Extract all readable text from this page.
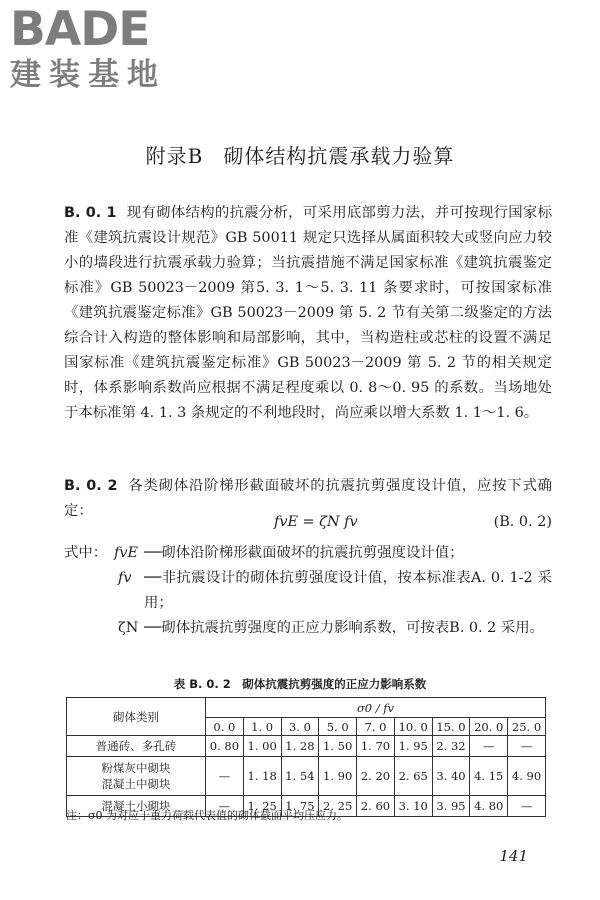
BADE
建装基地
附录B 砌体结构抗震承载力验算
B. 0. 1 现有砌体结构的抗震分析，可采用底部剪力法，并可按现行国家标准《建筑抗震设计规范》GB 50011 规定只选择从属面积较大或竖向应力较小的墙段进行抗震承载力验算；当抗震措施不满足国家标准《建筑抗震鉴定标准》GB 50023－2009 第5. 3. 1～5. 3. 11 条要求时，可按国家标准《建筑抗震鉴定标准》GB 50023－2009 第 5. 2 节有关第二级鉴定的方法综合计入构造的整体影响和局部影响，其中，当构造柱或芯柱的设置不满足国家标准《建筑抗震鉴定标准》GB 50023－2009 第 5. 2 节的相关规定时，体系影响系数尚应根据不满足程度乘以 0. 8～0. 95 的系数。当场地处于本标准第 4. 1. 3 条规定的不利地段时，尚应乘以增大系数 1. 1～1. 6。
B. 0. 2 各类砌体沿阶梯形截面破坏的抗震抗剪强度设计值，应按下式确定：
fvE = ζN fv	(B. 0. 2)
式中： fvE ──砌体沿阶梯形截面破坏的抗震抗剪强度设计值；
fv ──非抗震设计的砌体抗剪强度设计值，按本标准表A. 0. 1-2 采用；
ζN ──砌体抗震抗剪强度的正应力影响系数，可按表B. 0. 2 采用。
表 B. 0. 2　砌体抗震抗剪强度的正应力影响系数
砌体类别	σ0 / fv								
	0. 0	1. 0	3. 0	5. 0	7. 0	10. 0	15. 0	20. 0	25. 0
普通砖、多孔砖	0. 80	1. 00	1. 28	1. 50	1. 70	1. 95	2. 32	—	—
粉煤灰中砌块
混凝土中砌块	—	1. 18	1. 54	1. 90	2. 20	2. 65	3. 40	4. 15	4. 90
混凝土小砌块	—	1. 25	1. 75	2. 25	2. 60	3. 10	3. 95	4. 80	—
注：σ0 为对应于重力荷载代表值的砌体截面平均压应力。
141
